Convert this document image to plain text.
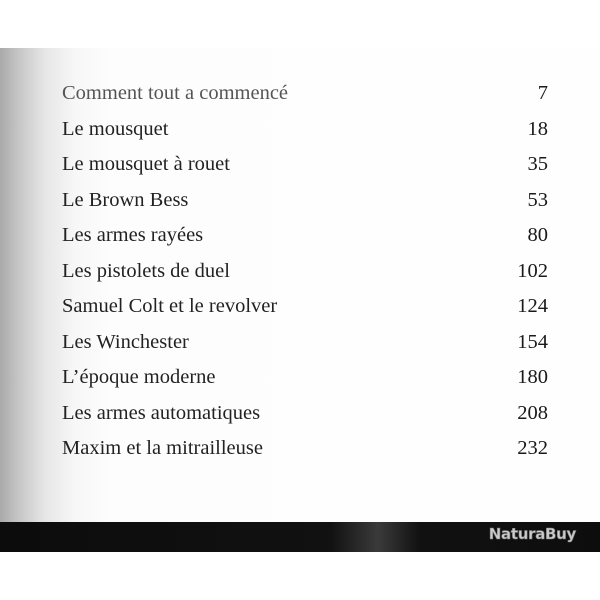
Comment tout a commencé	7
Le mousquet	18
Le mousquet à rouet	35
Le Brown Bess	53
Les armes rayées	80
Les pistolets de duel	102
Samuel Colt et le revolver	124
Les Winchester	154
L’époque moderne	180
Les armes automatiques	208
Maxim et la mitrailleuse	232
NaturaBuy
